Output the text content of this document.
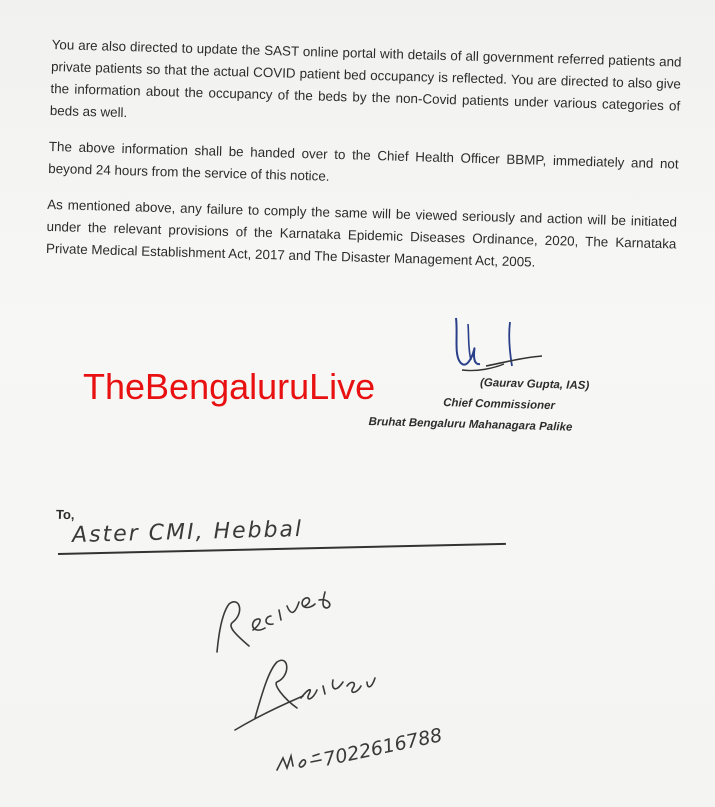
You are also directed to update the SAST online portal with details of all government referred patients and private patients so that the actual COVID patient bed occupancy is reflected. You are directed to also give the information about the occupancy of the beds by the non-Covid patients under various categories of beds as well.

The above information shall be handed over to the Chief Health Officer BBMP, immediately and not beyond 24 hours from the service of this notice.

As mentioned above, any failure to comply the same will be viewed seriously and action will be initiated under the relevant provisions of the Karnataka Epidemic Diseases Ordinance, 2020, The Karnataka Private Medical Establishment Act, 2017 and The Disaster Management Act, 2005.

(Gaurav Gupta, IAS)
Chief Commissioner
Bruhat Bengaluru Mahanagara Palike
TheBengaluruLive
To,
Aster CMI, Hebbal
7022616788
